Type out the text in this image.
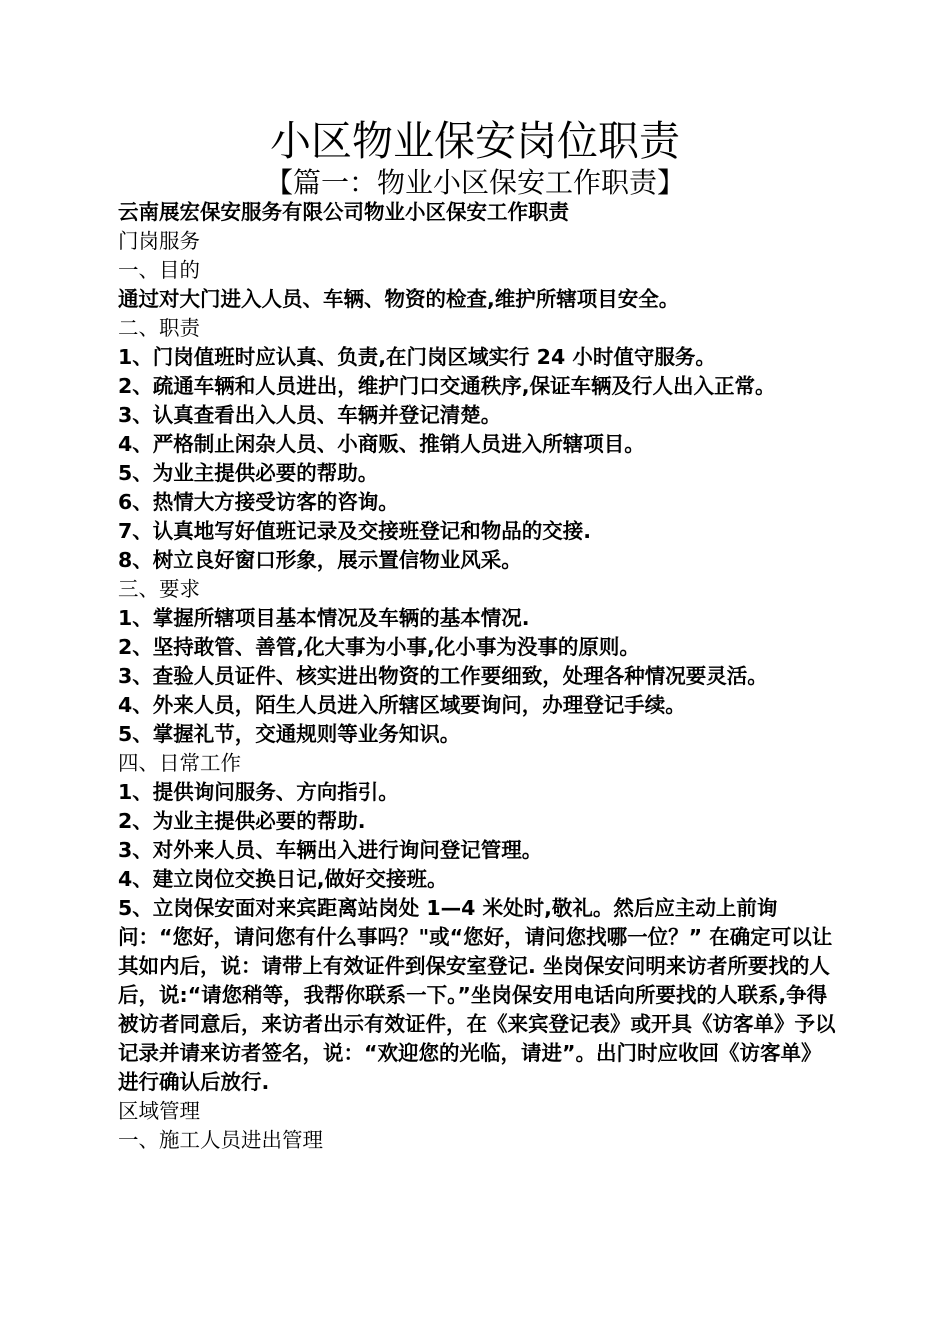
小区物业保安岗位职责
【篇一：物业小区保安工作职责】

云南展宏保安服务有限公司物业小区保安工作职责

门岗服务

一、目的

通过对大门进入人员、车辆、物资的检查,维护所辖项目安全。

二、职责

1、门岗值班时应认真、负责,在门岗区域实行 24 小时值守服务。

2、疏通车辆和人员进出，维护门口交通秩序,保证车辆及行人出入正常。

3、认真查看出入人员、车辆并登记清楚。

4、严格制止闲杂人员、小商贩、推销人员进入所辖项目。

5、为业主提供必要的帮助。

6、热情大方接受访客的咨询。

7、认真地写好值班记录及交接班登记和物品的交接.

8、树立良好窗口形象，展示置信物业风采。

三、要求

1、掌握所辖项目基本情况及车辆的基本情况.

2、坚持敢管、善管,化大事为小事,化小事为没事的原则。

3、查验人员证件、核实进出物资的工作要细致，处理各种情况要灵活。

4、外来人员，陌生人员进入所辖区域要询问，办理登记手续。

5、掌握礼节，交通规则等业务知识。

四、日常工作

1、提供询问服务、方向指引。

2、为业主提供必要的帮助.

3、对外来人员、车辆出入进行询问登记管理。

4、建立岗位交换日记,做好交接班。

5、立岗保安面对来宾距离站岗处 1—4 米处时,敬礼。然后应主动上前询问：“您好，请问您有什么事吗？"或“您好，请问您找哪一位？” 在确定可以让其如内后，说：请带上有效证件到保安室登记. 坐岗保安问明来访者所要找的人后，说:“请您稍等，我帮你联系一下。”坐岗保安用电话向所要找的人联系,争得被访者同意后，来访者出示有效证件，在《来宾登记表》或开具《访客单》予以记录并请来访者签名，说：“欢迎您的光临，请进”。出门时应收回《访客单》进行确认后放行.

区域管理

一、施工人员进出管理
